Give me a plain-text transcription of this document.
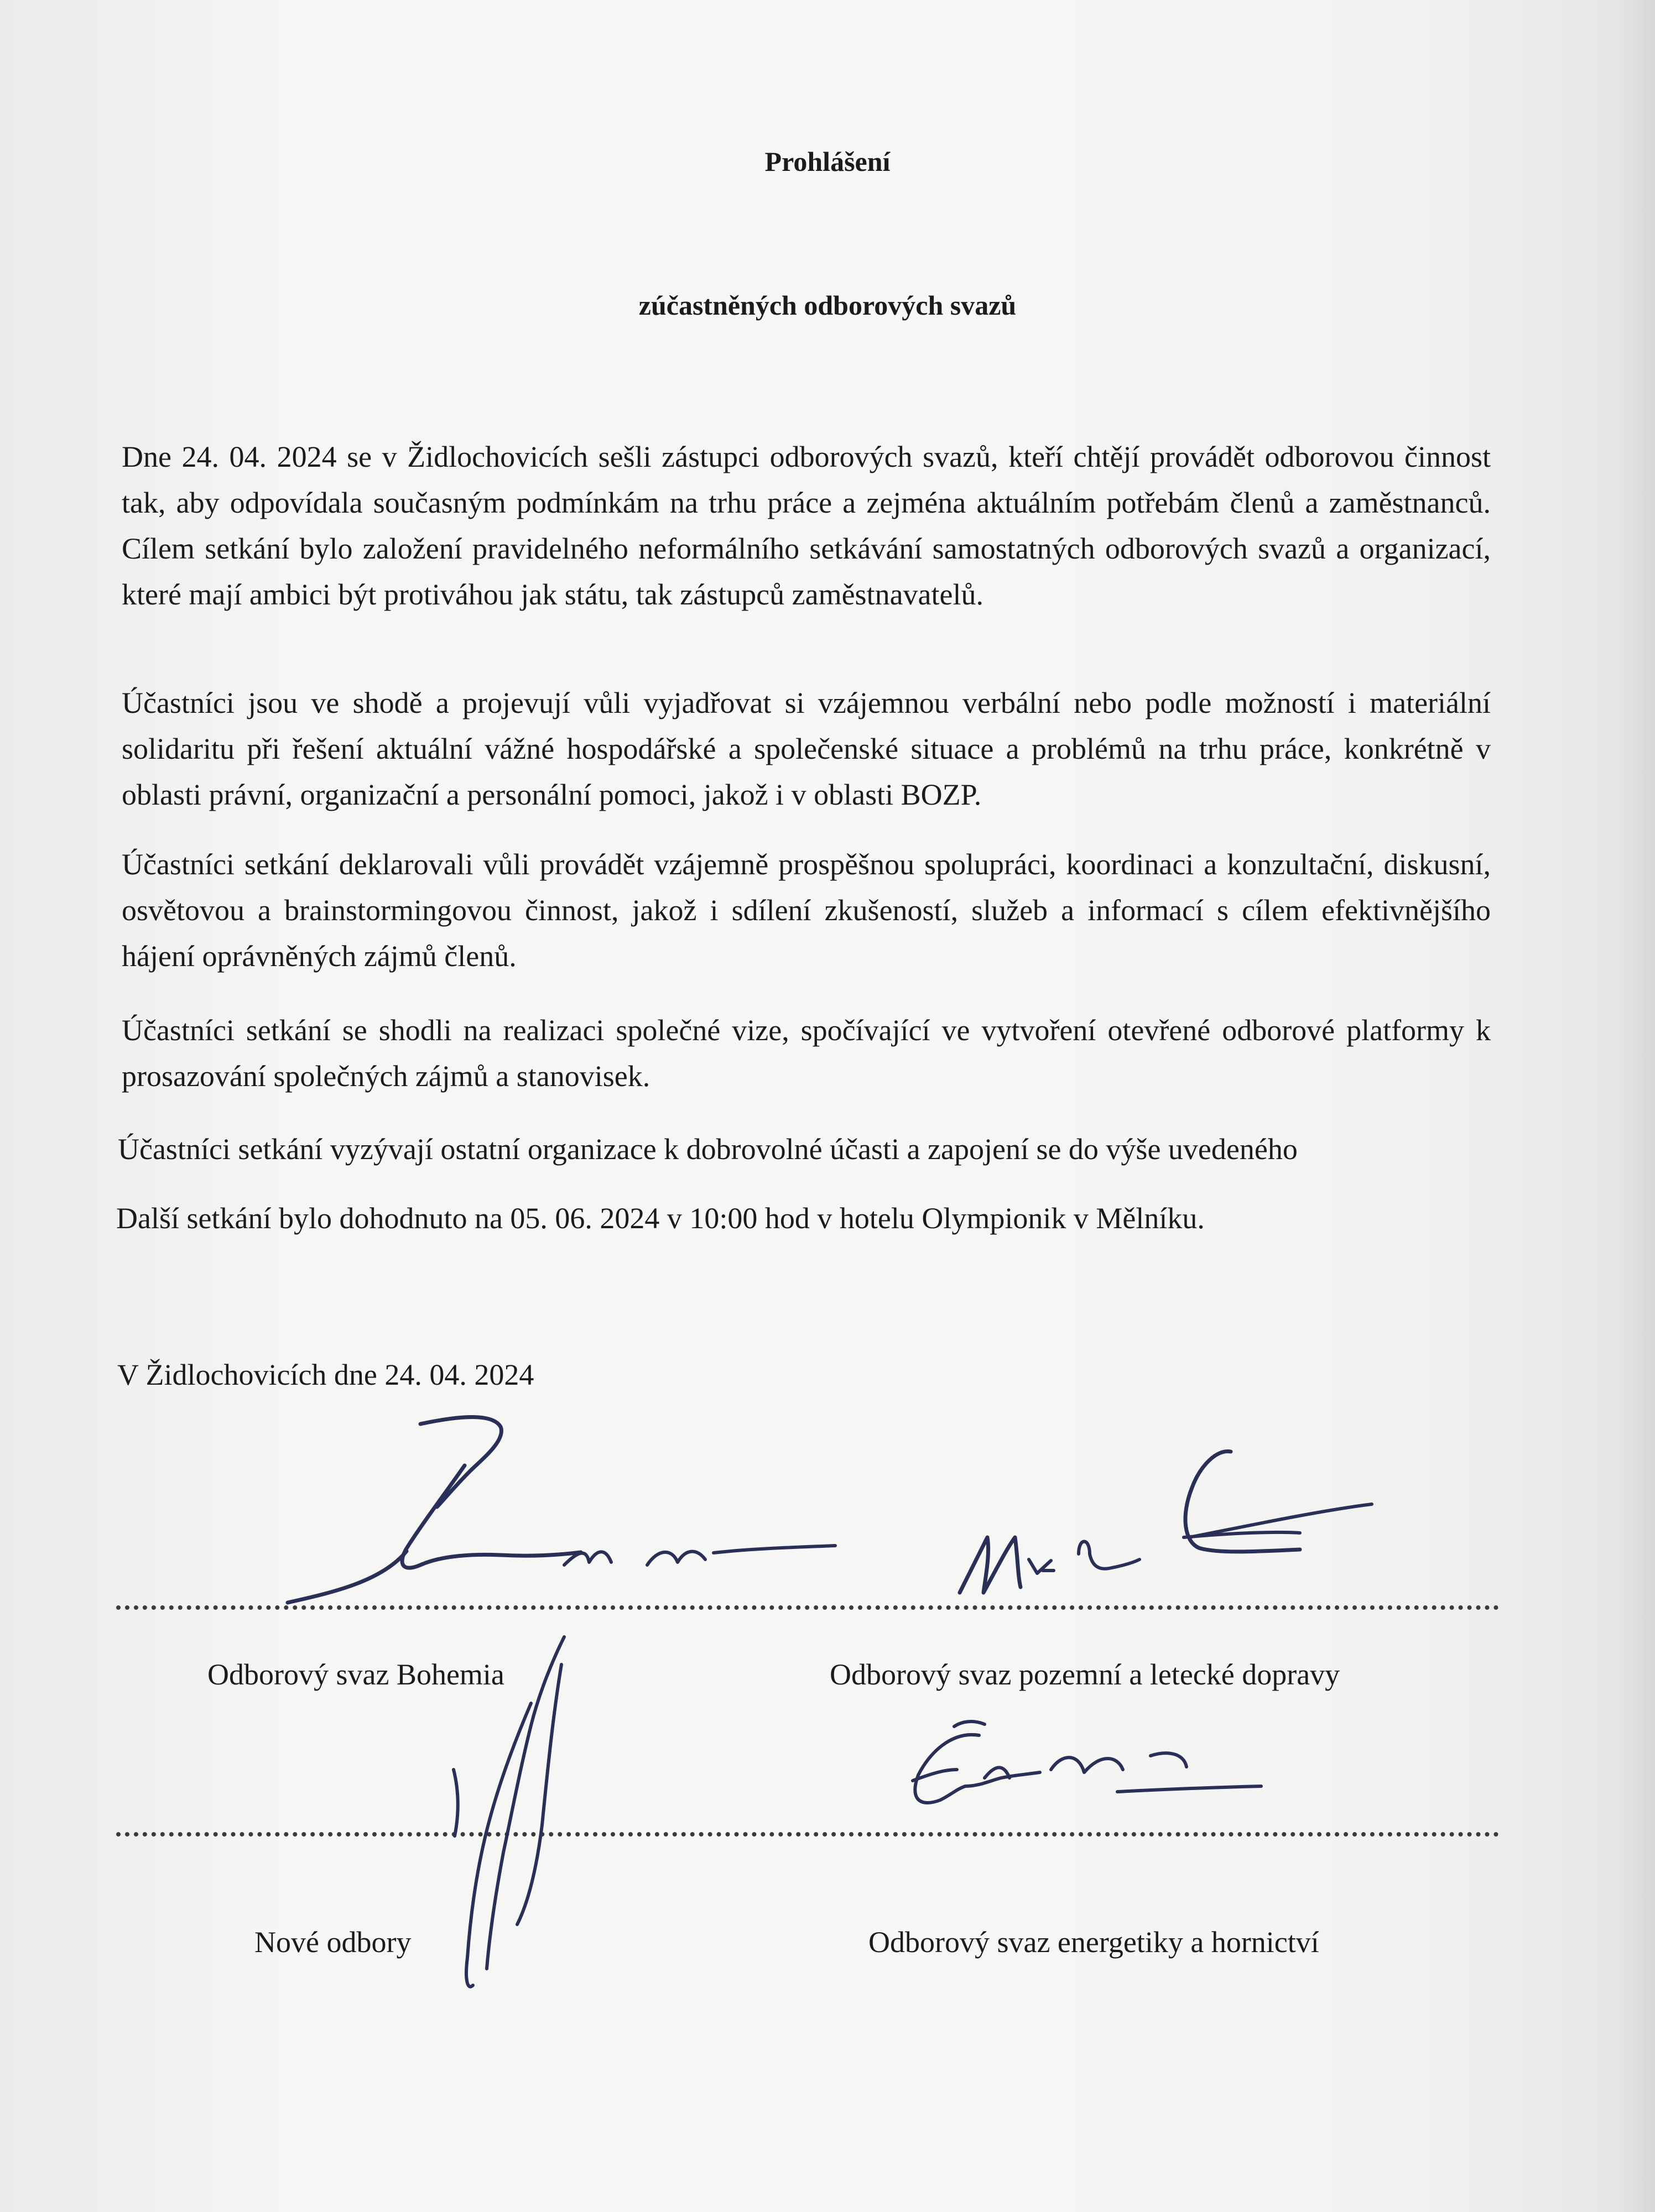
Prohlášení
zúčastněných odborových svazů

Dne 24. 04. 2024 se v Židlochovicích sešli zástupci odborových svazů, kteří chtějí provádět odborovou činnost tak, aby odpovídala současným podmínkám na trhu práce a zejména aktuálním potřebám členů a zaměstnanců. Cílem setkání bylo založení pravidelného neformálního setkávání samostatných odborových svazů a organizací, které mají ambici být protiváhou jak státu, tak zástupců zaměstnavatelů.

Účastníci jsou ve shodě a projevují vůli vyjadřovat si vzájemnou verbální nebo podle možností i materiální solidaritu při řešení aktuální vážné hospodářské a společenské situace a problémů na trhu práce, konkrétně v oblasti právní, organizační a personální pomoci, jakož i v oblasti BOZP.

Účastníci setkání deklarovali vůli provádět vzájemně prospěšnou spolupráci, koordinaci a konzultační, diskusní, osvětovou a brainstormingovou činnost, jakož i sdílení zkušeností, služeb a informací s cílem efektivnějšího hájení oprávněných zájmů členů.

Účastníci setkání se shodli na realizaci společné vize, spočívající ve vytvoření otevřené odborové platformy k prosazování společných zájmů a stanovisek.

Účastníci setkání vyzývají ostatní organizace k dobrovolné účasti a zapojení se do výše uvedeného

Další setkání bylo dohodnuto na 05. 06. 2024 v 10:00 hod v hotelu Olympionik v Mělníku.

V Židlochovicích dne 24. 04. 2024

Odborový svaz Bohemia	Odborový svaz pozemní a letecké dopravy

Nové odbory	Odborový svaz energetiky a hornictví
